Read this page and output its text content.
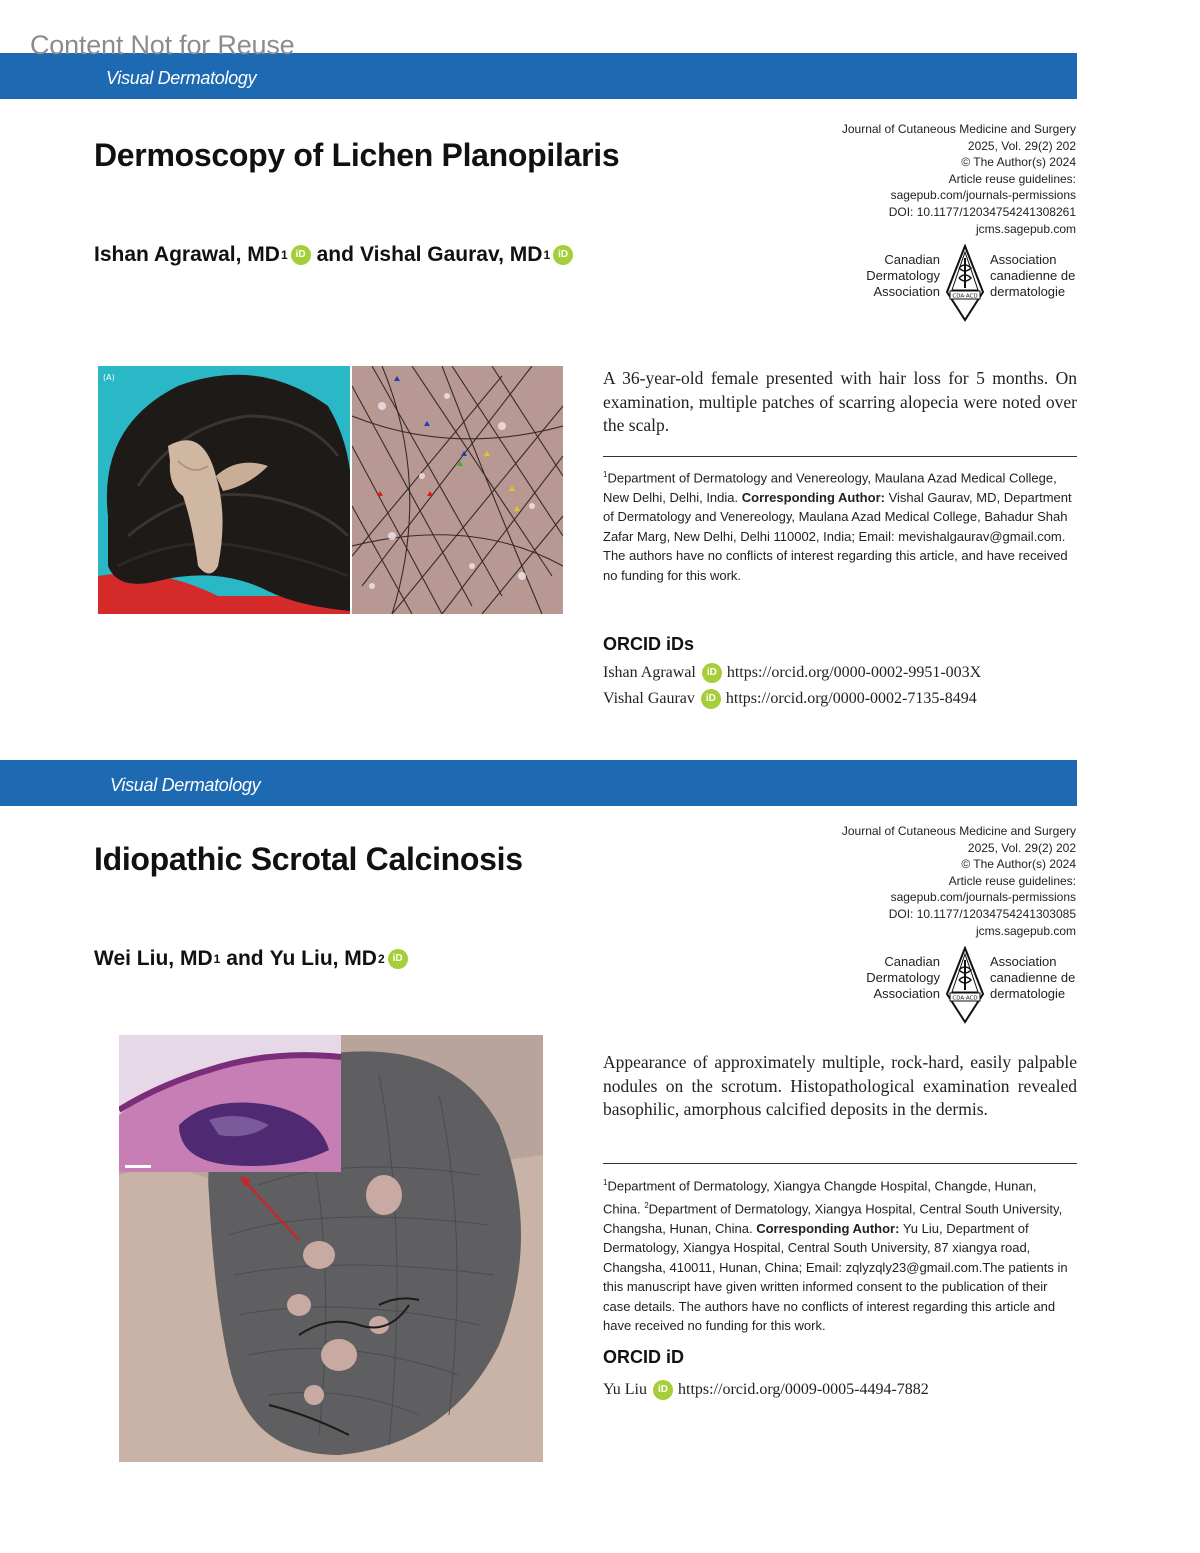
Content Not for Reuse
Visual Dermatology
Dermoscopy of Lichen Planopilaris
Ishan Agrawal, MD 1 iD and Vishal Gaurav, MD 1 iD
Journal of Cutaneous Medicine and Surgery
2025, Vol. 29(2) 202
© The Author(s) 2024
Article reuse guidelines:
sagepub.com/journals-permissions
DOI: 10.1177/12034754241308261
jcms.sagepub.com
Canadian
Dermatology
Association CDA·ACD
Association
canadienne de
dermatologie
(A)	A 36-year-old female presented with hair loss for 5 months. On examination, multiple patches of scarring alopecia were noted over the scalp.
$^1$Department of Dermatology and Venereology, Maulana Azad Medical College, New Delhi, Delhi, India. Corresponding Author: Vishal Gaurav, MD, Department of Dermatology and Venereology, Maulana Azad Medical College, Bahadur Shah Zafar Marg, New Delhi, Delhi 110002, India; Email: mevishalgaurav@gmail.com. The authors have no conflicts of interest regarding this article, and have received no funding for this work.
ORCID iDs
Ishan Agrawal	iD https://orcid.org/0000-0002-9951-003X
Vishal Gaurav	iD https://orcid.org/0000-0002-7135-8494
Visual Dermatology
Idiopathic Scrotal Calcinosis
Wei Liu, MD 1 and Yu Liu, MD 2 iD
Journal of Cutaneous Medicine and Surgery
2025, Vol. 29(2) 202
© The Author(s) 2024
Article reuse guidelines:
sagepub.com/journals-permissions
DOI: 10.1177/12034754241303085
jcms.sagepub.com
Canadian
Dermatology
Association CDA·ACD
Association
canadienne de
dermatologie
Appearance of approximately multiple, rock-hard, easily palpable nodules on the scrotum. Histopathological examination revealed basophilic, amorphous calcified deposits in the dermis.
$^1$Department of Dermatology, Xiangya Changde Hospital, Changde, Hunan, China. $^2$Department of Dermatology, Xiangya Hospital, Central South University, Changsha, Hunan, China. Corresponding Author: Yu Liu, Department of Dermatology, Xiangya Hospital, Central South University, 87 xiangya road, Changsha, 410011, Hunan, China; Email: zqlyzqly23@gmail.com.The patients in this manuscript have given written informed consent to the publication of their case details. The authors have no conflicts of interest regarding this article and have received no funding for this work.
ORCID iD
Yu Liu	iD https://orcid.org/0009-0005-4494-7882
